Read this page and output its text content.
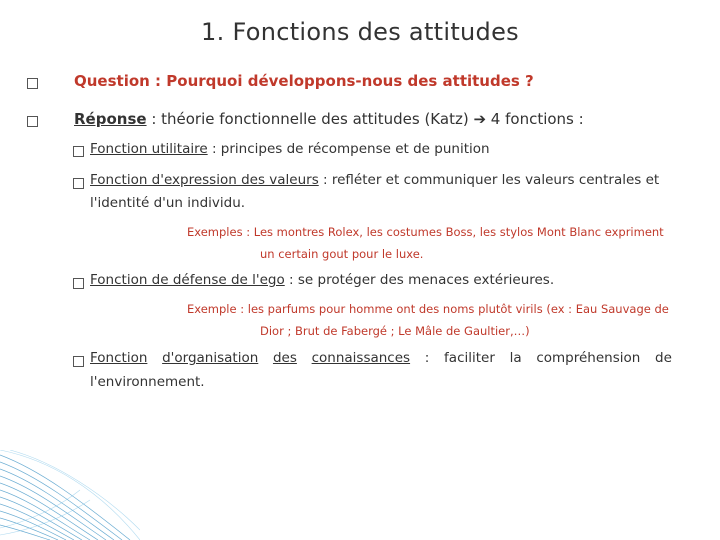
1. Fonctions des attitudes
Question : Pourquoi développons-nous des attitudes ?
Réponse : théorie fonctionnelle des attitudes (Katz) ➔ 4 fonctions :
Fonction utilitaire : principes de récompense et de punition
Fonction d'expression des valeurs : refléter et communiquer les valeurs centrales et
l'identité d'un individu.
Exemples : Les montres Rolex, les costumes Boss, les stylos Mont Blanc expriment
un certain gout pour le luxe.
Fonction de défense de l'ego : se protéger des menaces extérieures.
Exemple : les parfums pour homme ont des noms plutôt virils (ex : Eau Sauvage de
Dior ; Brut de Fabergé ; Le Mâle de Gaultier,…)
Fonction d'organisation des connaissances : faciliter la compréhension de
l'environnement.
